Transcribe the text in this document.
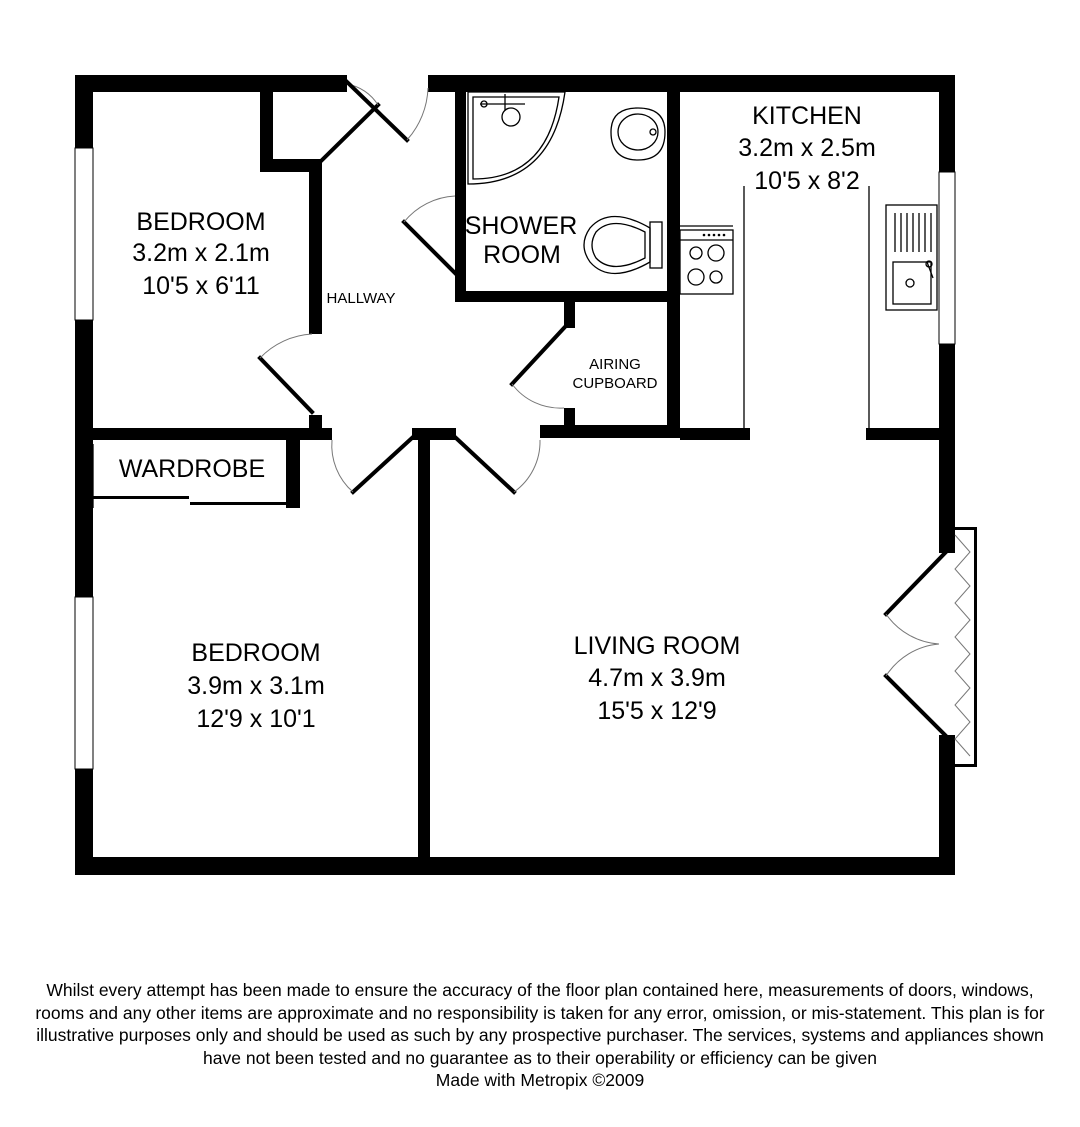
BEDROOM
3.2m x 2.1m
10'5 x 6'11
KITCHEN
3.2m x 2.5m
10'5 x 8'2
SHOWER
ROOM
HALLWAY
AIRING
CUPBOARD
WARDROBE
BEDROOM
3.9m x 3.1m
12'9 x 10'1
LIVING ROOM
4.7m x 3.9m
15'5 x 12'9

Whilst every attempt has been made to ensure the accuracy of the floor plan contained here, measurements of doors, windows, rooms and any other items are approximate and no responsibility is taken for any error, omission, or mis-statement. This plan is for illustrative purposes only and should be used as such by any prospective purchaser. The services, systems and appliances shown have not been tested and no guarantee as to their operability or efficiency can be given

Made with Metropix ©2009
